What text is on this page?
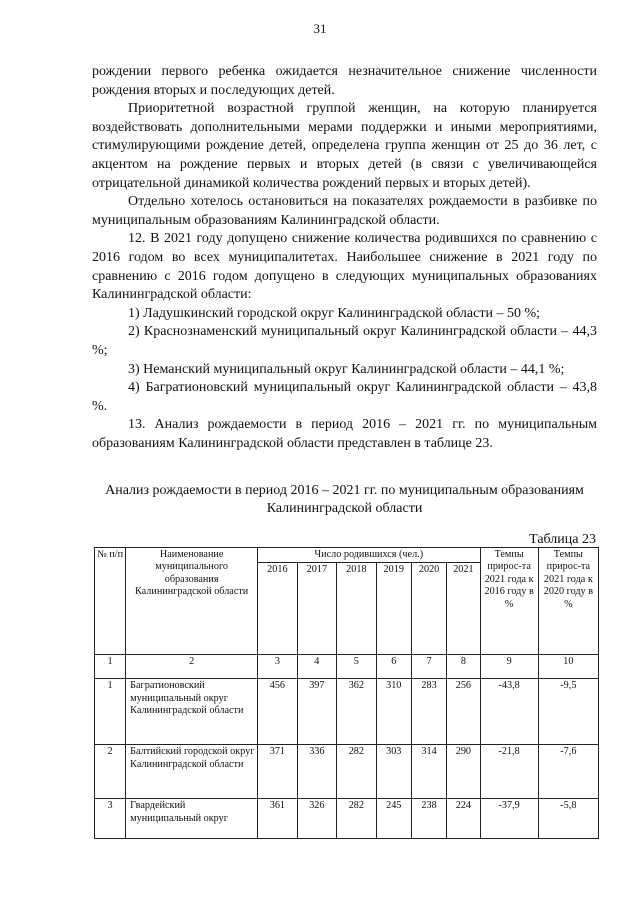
31

рождении первого ребенка ожидается незначительное снижение численности рождения вторых и последующих детей.

Приоритетной возрастной группой женщин, на которую планируется воздействовать дополнительными мерами поддержки и иными мероприятиями, стимулирующими рождение детей, определена группа женщин от 25 до 36 лет, с акцентом на рождение первых и вторых детей (в связи с увеличивающейся отрицательной динамикой количества рождений первых и вторых детей).

Отдельно хотелось остановиться на показателях рождаемости в разбивке по муниципальным образованиям Калининградской области.

12. В 2021 году допущено снижение количества родившихся по сравнению с 2016 годом во всех муниципалитетах. Наибольшее снижение в 2021 году по сравнению с 2016 годом допущено в следующих муниципальных образованиях Калининградской области:

1) Ладушкинский городской округ Калининградской области – 50 %;

2) Краснознаменский муниципальный округ Калининградской области – 44,3 %;

3) Неманский муниципальный округ Калининградской области – 44,1 %;

4) Багратионовский муниципальный округ Калининградской области – 43,8 %.

13. Анализ рождаемости в период 2016 – 2021 гг. по муниципальным образованиям Калининградской области представлен в таблице 23.

Анализ рождаемости в период 2016 – 2021 гг. по муниципальным образованиям Калининградской области
Таблица 23
№ п/п	Наименование муниципального образования Калининградской области	Число родившихся (чел.)						Темпы прирос-та 2021 года к 2016 году в %	Темпы прирос-та 2021 года к 2020 году в %
		2016	2017	2018	2019	2020	2021		
1	2	3	4	5	6	7	8	9	10
1	Багратионовский муниципальный округ Калининградской области	456	397	362	310	283	256	-43,8	-9,5
2	Балтийский городской округ Калининградской области	371	336	282	303	314	290	-21,8	-7,6
3	Гвардейский муниципальный округ	361	326	282	245	238	224	-37,9	-5,8
